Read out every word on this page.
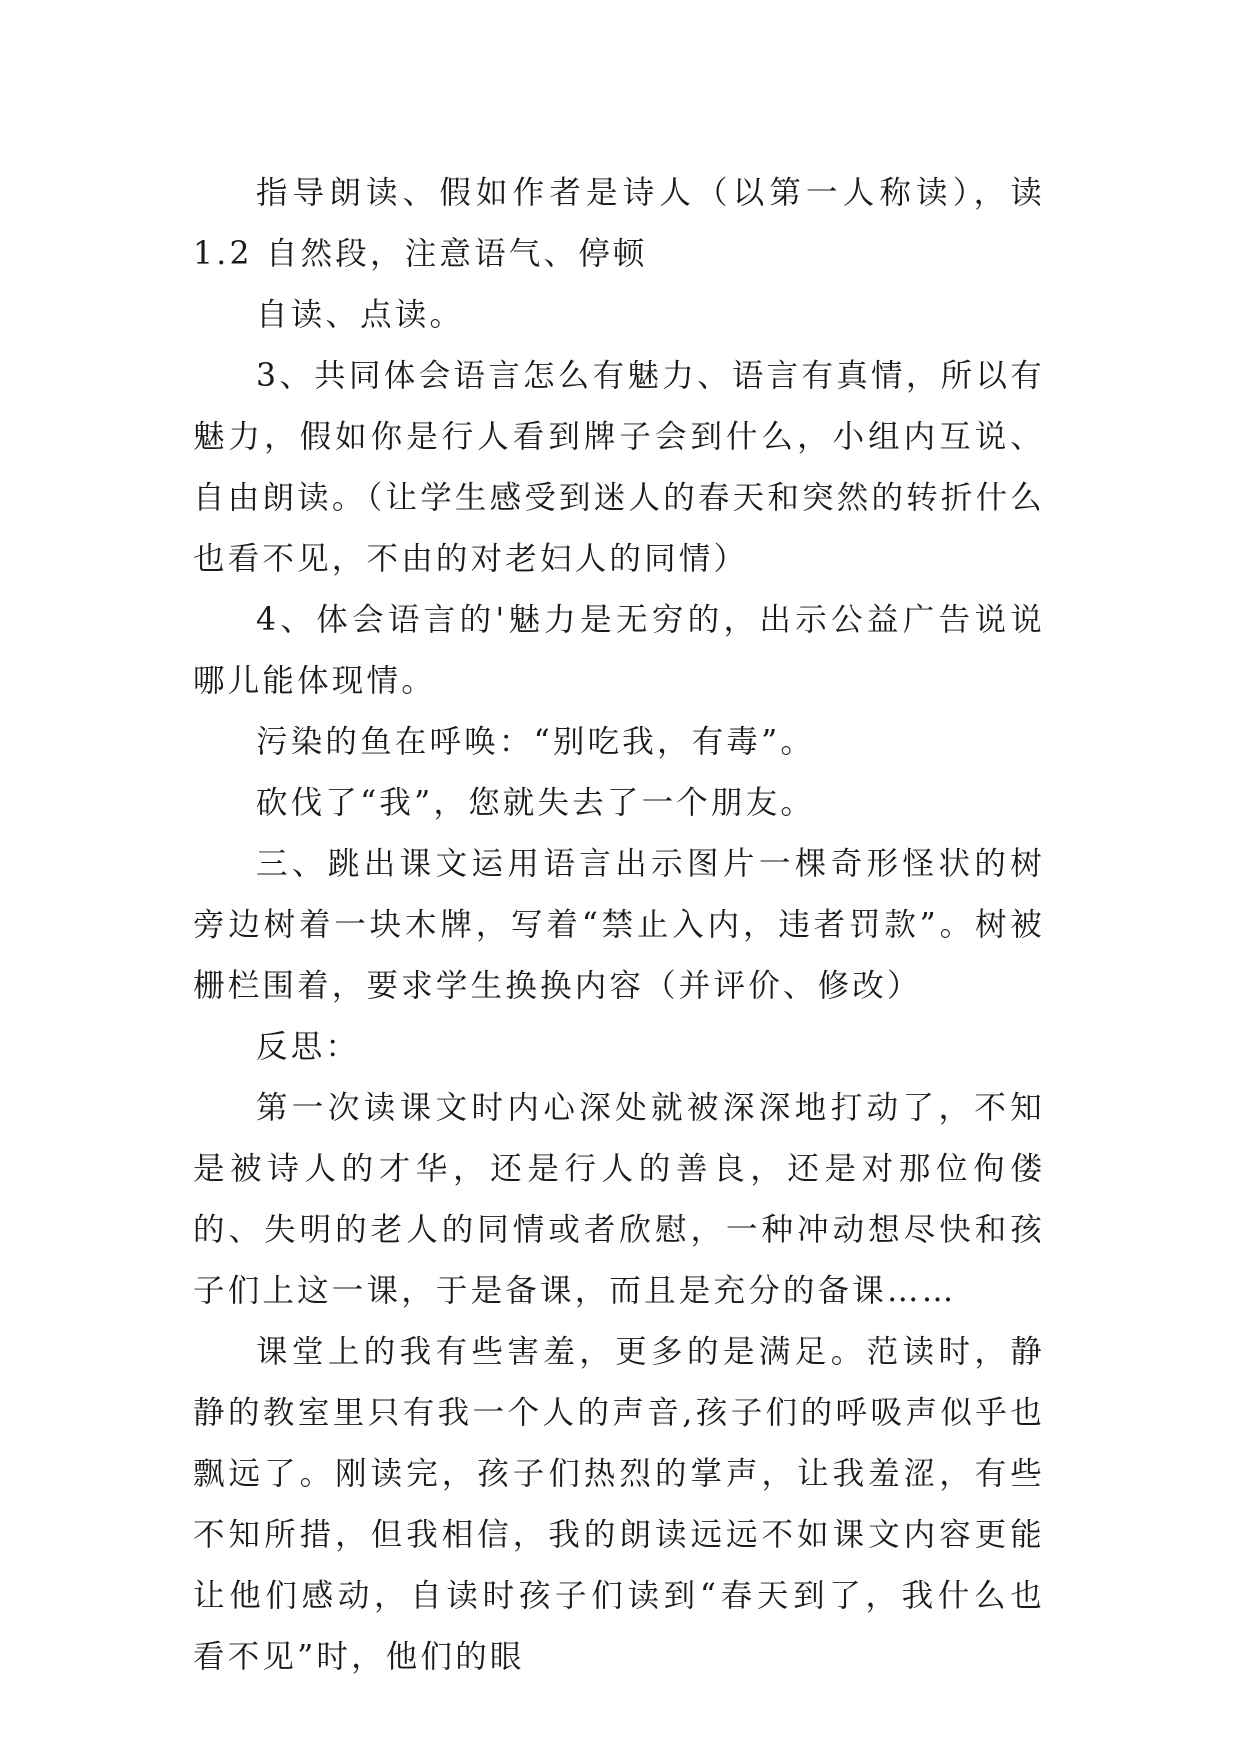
指导朗读、假如作者是诗人（以第一人称读），读 1.2 自然段，注意语气、停顿

自读、点读。

3、共同体会语言怎么有魅力、语言有真情，所以有魅力，假如你是行人看到牌子会到什么，小组内互说、自由朗读。（让学生感受到迷人的春天和突然的转折什么也看不见，不由的对老妇人的同情）

4、体会语言的'魅力是无穷的，出示公益广告说说哪儿能体现情。

污染的鱼在呼唤：“别吃我，有毒”。

砍伐了“我”，您就失去了一个朋友。

三、跳出课文运用语言出示图片一棵奇形怪状的树旁边树着一块木牌，写着“禁止入内，违者罚款”。树被栅栏围着，要求学生换换内容（并评价、修改）

反思：

第一次读课文时内心深处就被深深地打动了，不知是被诗人的才华，还是行人的善良，还是对那位佝偻的、失明的老人的同情或者欣慰，一种冲动想尽快和孩子们上这一课，于是备课，而且是充分的备课……

课堂上的我有些害羞，更多的是满足。范读时，静静的教室里只有我一个人的声音,孩子们的呼吸声似乎也飘远了。刚读完，孩子们热烈的掌声，让我羞涩，有些不知所措，但我相信，我的朗读远远不如课文内容更能让他们感动，自读时孩子们读到“春天到了，我什么也看不见”时，他们的眼
